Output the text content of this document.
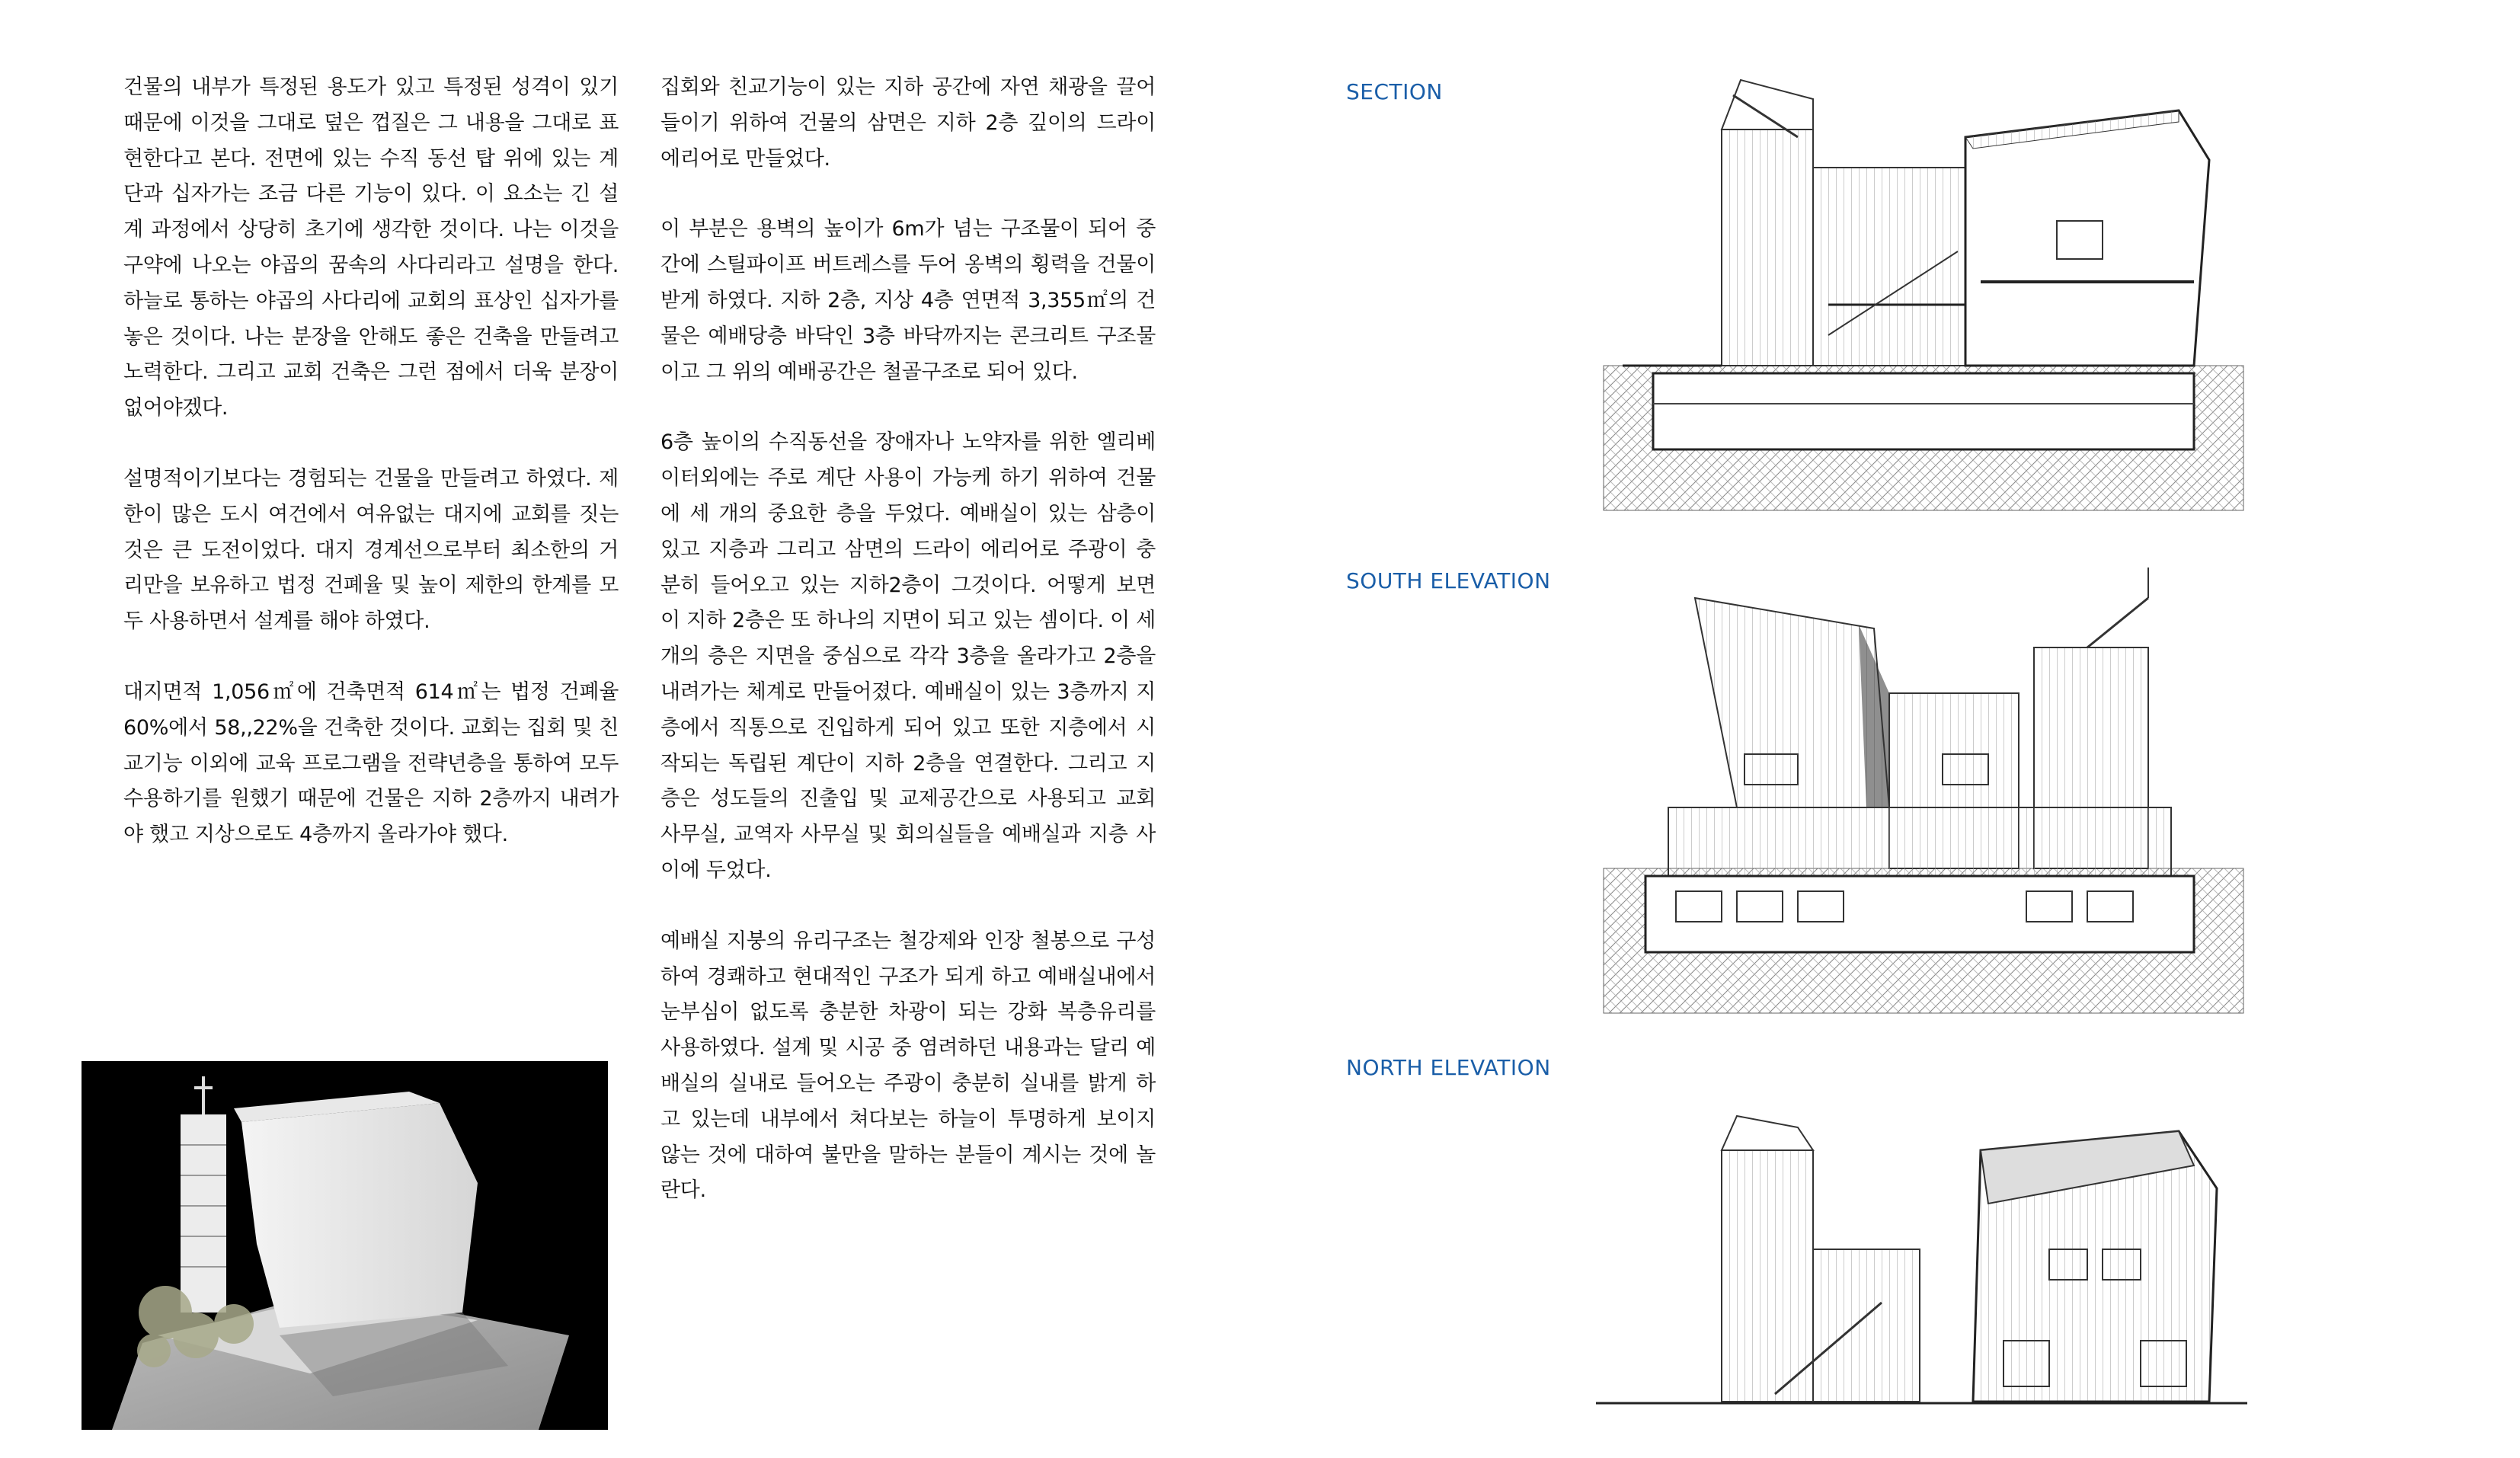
건물의 내부가 특정된 용도가 있고 특정된 성격이 있기 때문에 이것을 그대로 덮은 껍질은 그 내용을 그대로 표현한다고 본다. 전면에 있는 수직 동선 탑 위에 있는 계단과 십자가는 조금 다른 기능이 있다. 이 요소는 긴 설계 과정에서 상당히 초기에 생각한 것이다. 나는 이것을 구약에 나오는 야곱의 꿈속의 사다리라고 설명을 한다. 하늘로 통하는 야곱의 사다리에 교회의 표상인 십자가를 놓은 것이다. 나는 분장을 안해도 좋은 건축을 만들려고 노력한다. 그리고 교회 건축은 그런 점에서 더욱 분장이 없어야겠다.

설명적이기보다는 경험되는 건물을 만들려고 하였다. 제한이 많은 도시 여건에서 여유없는 대지에 교회를 짓는 것은 큰 도전이었다. 대지 경계선으로부터 최소한의 거리만을 보유하고 법정 건폐율 및 높이 제한의 한계를 모두 사용하면서 설계를 해야 하였다.

대지면적 1,056㎡에 건축면적 614㎡는 법정 건폐율 60%에서 58,,22%을 건축한 것이다. 교회는 집회 및 친교기능 이외에 교육 프로그램을 전략년층을 통하여 모두 수용하기를 원했기 때문에 건물은 지하 2층까지 내려가야 했고 지상으로도 4층까지 올라가야 했다.

집회와 친교기능이 있는 지하 공간에 자연 채광을 끌어들이기 위하여 건물의 삼면은 지하 2층 깊이의 드라이 에리어로 만들었다.

이 부분은 용벽의 높이가 6m가 넘는 구조물이 되어 중간에 스틸파이프 버트레스를 두어 옹벽의 횡력을 건물이 받게 하였다. 지하 2층, 지상 4층 연면적 3,355㎡의 건물은 예배당층 바닥인 3층 바닥까지는 콘크리트 구조물이고 그 위의 예배공간은 철골구조로 되어 있다.

6층 높이의 수직동선을 장애자나 노약자를 위한 엘리베이터외에는 주로 계단 사용이 가능케 하기 위하여 건물에 세 개의 중요한 층을 두었다. 예배실이 있는 삼층이 있고 지층과 그리고 삼면의 드라이 에리어로 주광이 충분히 들어오고 있는 지하2층이 그것이다. 어떻게 보면 이 지하 2층은 또 하나의 지면이 되고 있는 셈이다. 이 세 개의 층은 지면을 중심으로 각각 3층을 올라가고 2층을 내려가는 체계로 만들어졌다. 예배실이 있는 3층까지 지층에서 직통으로 진입하게 되어 있고 또한 지층에서 시작되는 독립된 계단이 지하 2층을 연결한다. 그리고 지층은 성도들의 진출입 및 교제공간으로 사용되고 교회 사무실, 교역자 사무실 및 회의실들을 예배실과 지층 사이에 두었다.

예배실 지붕의 유리구조는 철강제와 인장 철봉으로 구성하여 경쾌하고 현대적인 구조가 되게 하고 예배실내에서 눈부심이 없도록 충분한 차광이 되는 강화 복층유리를 사용하였다. 설계 및 시공 중 염려하던 내용과는 달리 예배실의 실내로 들어오는 주광이 충분히 실내를 밝게 하고 있는데 내부에서 쳐다보는 하늘이 투명하게 보이지 않는 것에 대하여 불만을 말하는 분들이 계시는 것에 놀란다.

SECTION
SOUTH ELEVATION
NORTH ELEVATION
